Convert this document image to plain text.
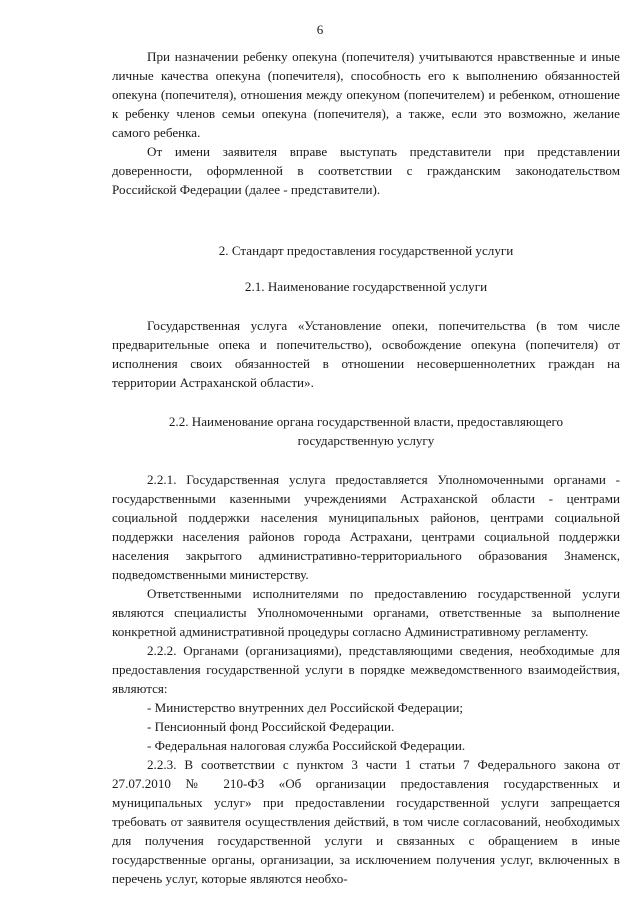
6

При назначении ребенку опекуна (попечителя) учитываются нравственные и иные личные качества опекуна (попечителя), способность его к выполнению обязанностей опекуна (попечителя), отношения между опекуном (попечителем) и ребенком, отношение к ребенку членов семьи опекуна (попечителя), а также, если это возможно, желание самого ребенка.

От имени заявителя вправе выступать представители при представлении доверенности, оформленной в соответствии с гражданским законодательством Российской Федерации (далее - представители).

2. Стандарт предоставления государственной услуги

2.1. Наименование государственной услуги

Государственная услуга «Установление опеки, попечительства (в том числе предварительные опека и попечительство), освобождение опекуна (попечителя) от исполнения своих обязанностей в отношении несовершеннолетних граждан на территории Астраханской области».

2.2. Наименование органа государственной власти, предоставляющего

государственную услугу

2.2.1. Государственная услуга предоставляется Уполномоченными органами - государственными казенными учреждениями Астраханской области - центрами социальной поддержки населения муниципальных районов, центрами социальной поддержки населения районов города Астрахани, центрами социальной поддержки населения закрытого административно-территориального образования Знаменск, подведомственными министерству.

Ответственными исполнителями по предоставлению государственной услуги являются специалисты Уполномоченными органами, ответственные за выполнение конкретной административной процедуры согласно Административному регламенту.

2.2.2. Органами (организациями), представляющими сведения, необходимые для предоставления государственной услуги в порядке межведомственного взаимодействия, являются:

- Министерство внутренних дел Российской Федерации;

- Пенсионный фонд Российской Федерации.

- Федеральная налоговая служба Российской Федерации.

2.2.3. В соответствии с пунктом 3 части 1 статьи 7 Федерального закона от 27.07.2010 № 210-ФЗ «Об организации предоставления государственных и муниципальных услуг» при предоставлении государственной услуги запрещается требовать от заявителя осуществления действий, в том числе согласований, необходимых для получения государственной услуги и связанных с обращением в иные государственные органы, организации, за исключением получения услуг, включенных в перечень услуг, которые являются необхо-
